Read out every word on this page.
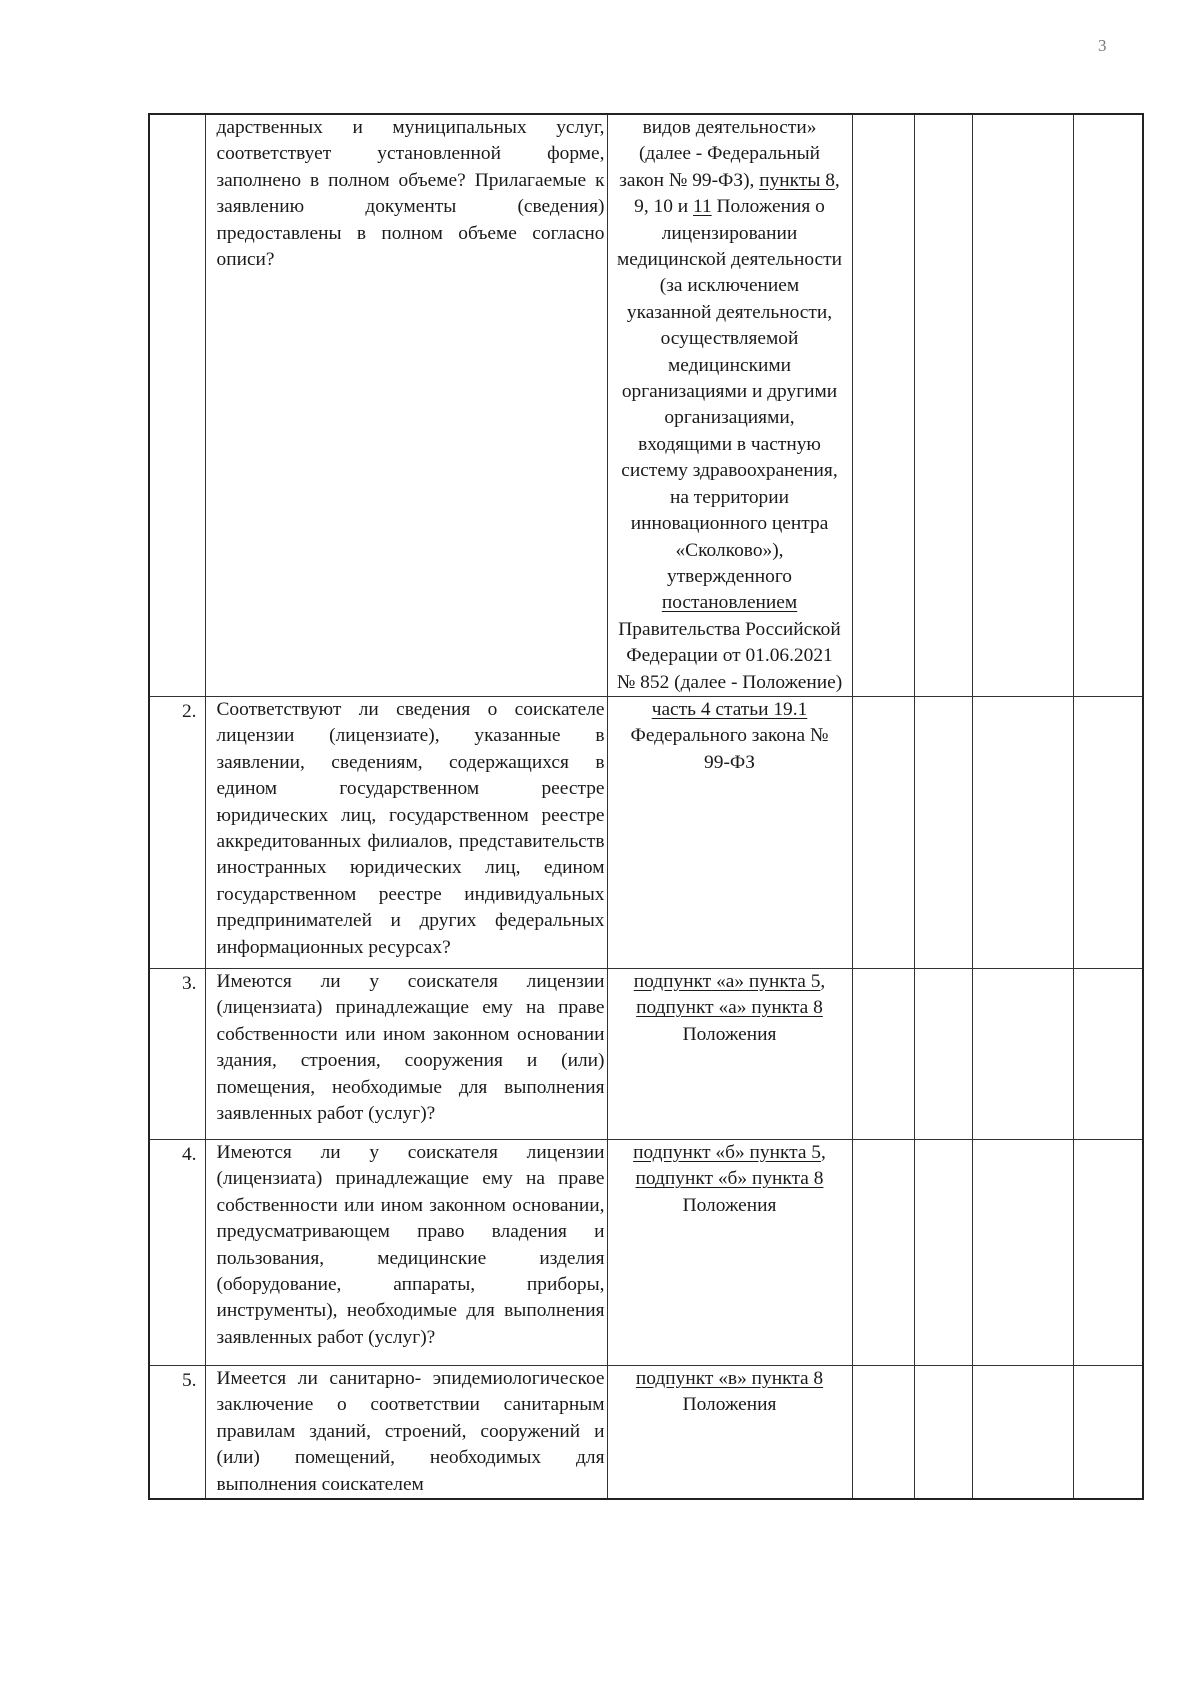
3

	дарственных и муниципальных услуг, соответствует установленной форме, заполнено в полном объеме? Прилагаемые к заявлению документы (сведения) предоставлены в полном объеме согласно описи?	видов деятельности» (далее - Федеральный закон № 99-ФЗ), пункты 8, 9, 10 и 11 Положения о лицензировании медицинской деятельности (за исключением указанной деятельности, осуществляемой медицинскими организациями и другими организациями, входящими в частную систему здравоохранения, на территории инновационного центра «Сколково»), утвержденного постановлением Правительства Российской Федерации от 01.06.2021 № 852 (далее - Положение)				

2.	Соответствуют ли сведения о соискателе лицензии (лицензиате), указанные в заявлении, сведениям, содержащихся в едином государственном реестре юридических лиц, государственном реестре аккредитованных филиалов, представительств иностранных юридических лиц, едином государственном реестре индивидуальных предпринимателей и других федеральных информационных ресурсах?	часть 4 статьи 19.1 Федерального закона № 99-ФЗ				

3.	Имеются ли у соискателя лицензии (лицензиата) принадлежащие ему на праве собственности или ином законном основании здания, строения, сооружения и (или) помещения, необходимые для выполнения заявленных работ (услуг)?	подпункт «а» пункта 5, подпункт «а» пункта 8 Положения				

4.	Имеются ли у соискателя лицензии (лицензиата) принадлежащие ему на праве собственности или ином законном основании, предусматривающем право владения и пользования, медицинские изделия (оборудование, аппараты, приборы, инструменты), необходимые для выполнения заявленных работ (услуг)?	подпункт «б» пункта 5, подпункт «б» пункта 8 Положения				

5.	Имеется ли санитарно- эпидемиологическое заключение о соответствии санитарным правилам зданий, строений, сооружений и (или) помещений, необходимых для выполнения соискателем	подпункт «в» пункта 8 Положения				
